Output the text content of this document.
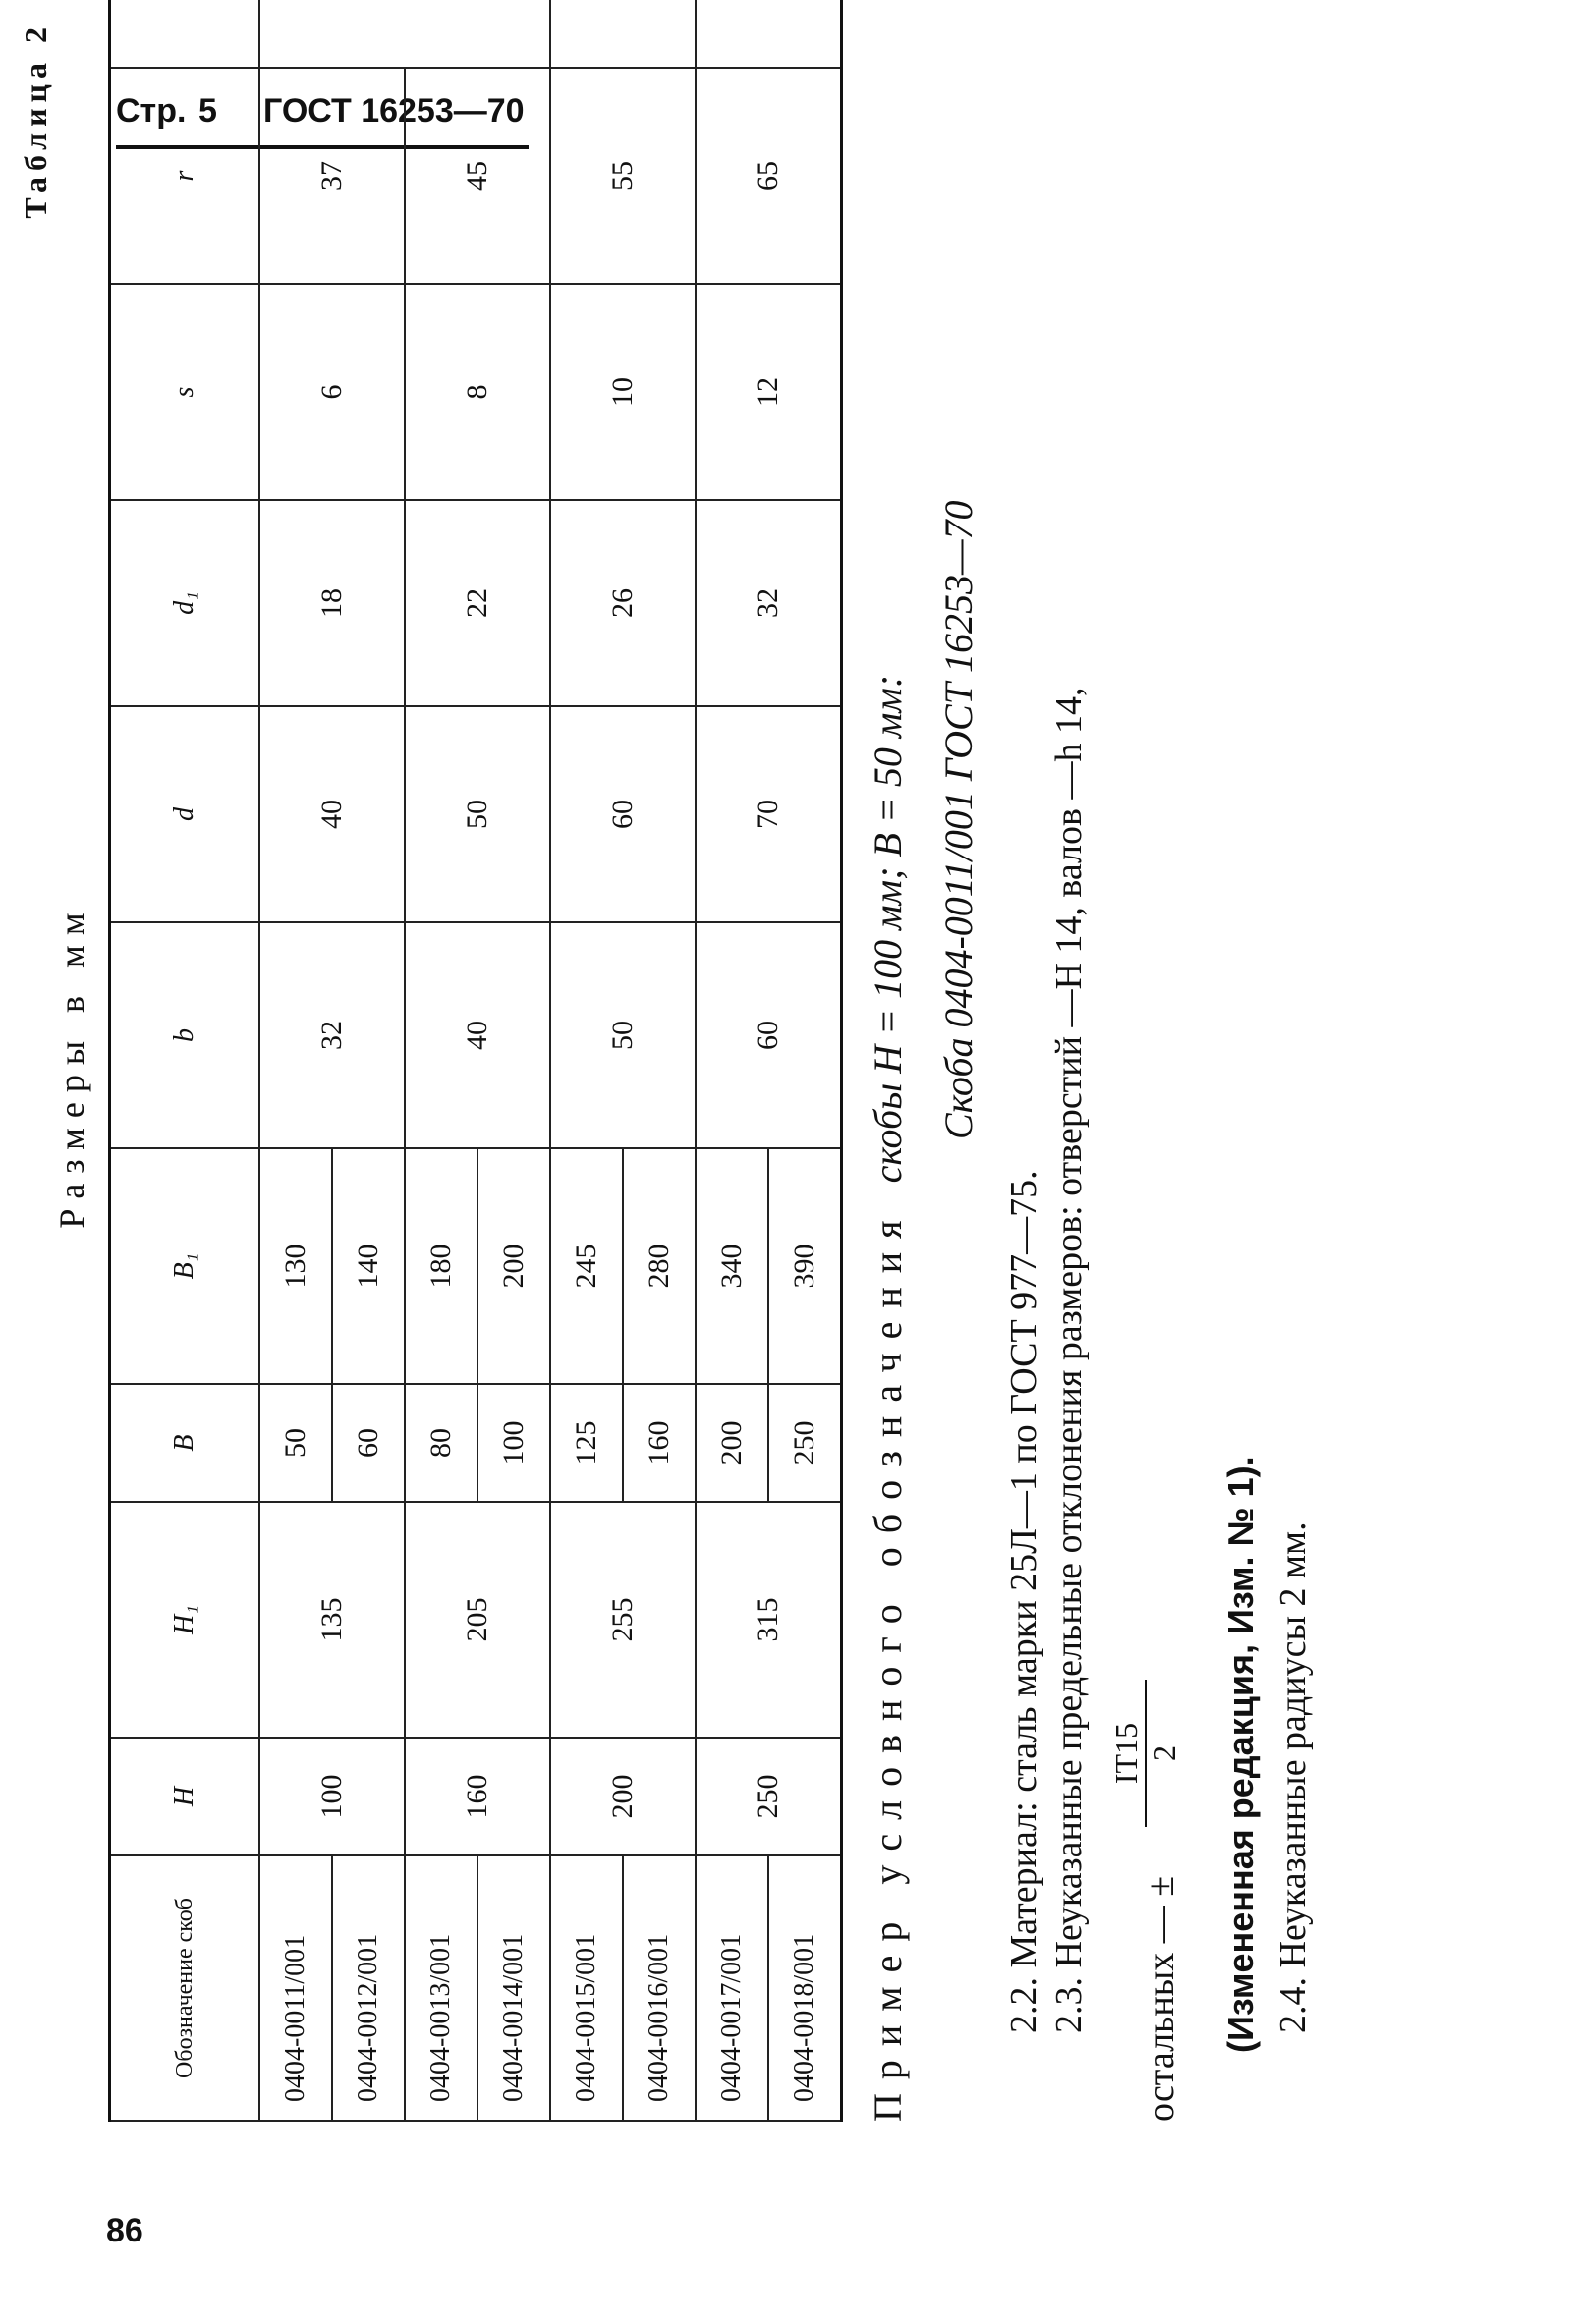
Стр. 5 ГОСТ 16253—70
Таблица 2
Размеры в мм
Обозначение скоб	H	H₁	B	B₁	b	d	d₁	s	r		
0404-0011/001	100	135	50	130	32	40	18	6	37		
0404-0012/001			60	140	
0404-0013/001	160	205	80	180	40	50	22	8	45	
0404-0014/001			100	200	
0404-0015/001	200	255	125	245	50	60	26	10	55		
0404-0016/001			160	280	
0404-0017/001	250	315	200	340	60	70	32	12	65		
0404-0018/001			250	390	Пример условного обозначения скобы H = 100 мм; B = 50 мм: Скоба 0404-0011/001 ГОСТ 16253—70
2.2. Материал: сталь марки 25Л—1 по ГОСТ 977—75. 2.3. Неуказанные предельные отклонения размеров: отверстий —H 14, валов —h 14, остальных — ±
IT15 2 (Измененная редакция, Изм. № 1). 2.4. Неуказанные радиусы 2 мм.
86
